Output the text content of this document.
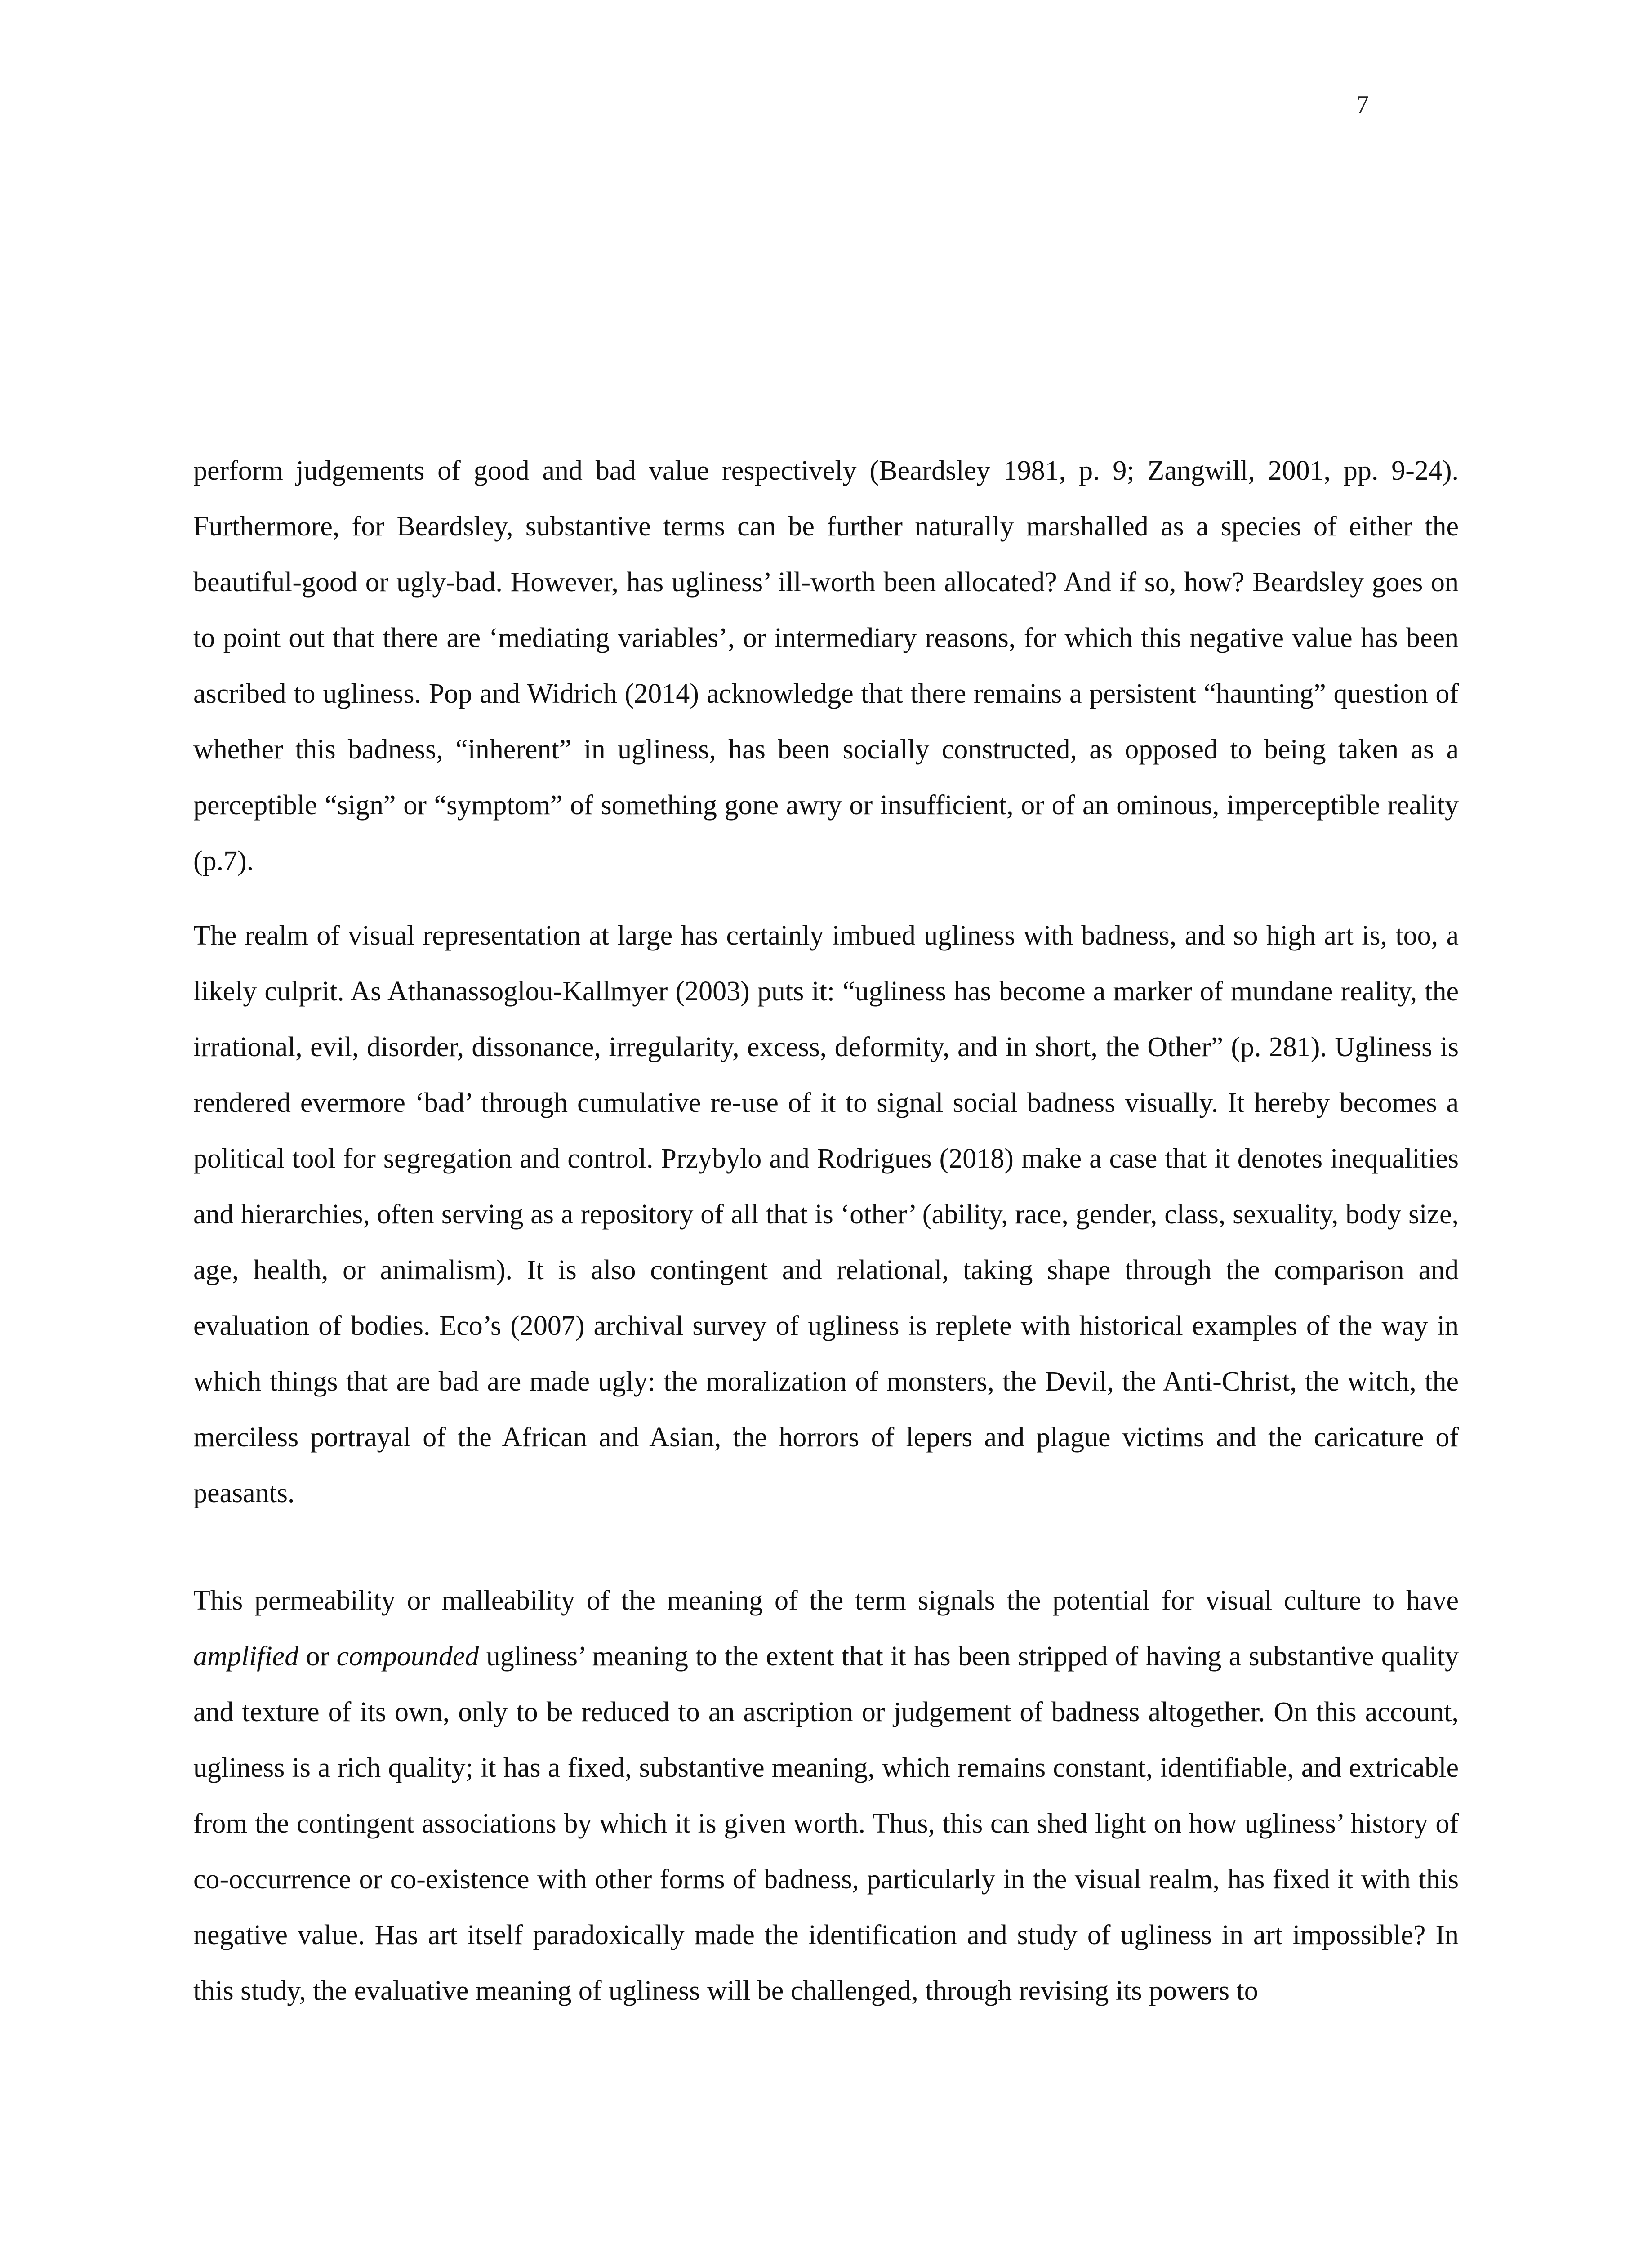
7

perform judgements of good and bad value respectively (Beardsley 1981, p. 9; Zangwill, 2001, pp. 9-24). Furthermore, for Beardsley, substantive terms can be further naturally marshalled as a species of either the beautiful-good or ugly-bad. However, has ugliness’ ill-worth been allocated? And if so, how? Beardsley goes on to point out that there are ‘mediating variables’, or intermediary reasons, for which this negative value has been ascribed to ugliness. Pop and Widrich (2014) acknowledge that there remains a persistent “haunting” question of whether this badness, “inherent” in ugliness, has been socially constructed, as opposed to being taken as a perceptible “sign” or “symptom” of something gone awry or insufficient, or of an ominous, imperceptible reality (p.7).

The realm of visual representation at large has certainly imbued ugliness with badness, and so high art is, too, a likely culprit. As Athanassoglou-Kallmyer (2003) puts it: “ugliness has become a marker of mundane reality, the irrational, evil, disorder, dissonance, irregularity, excess, deformity, and in short, the Other” (p. 281). Ugliness is rendered evermore ‘bad’ through cumulative re-use of it to signal social badness visually. It hereby becomes a political tool for segregation and control. Przybylo and Rodrigues (2018) make a case that it denotes inequalities and hierarchies, often serving as a repository of all that is ‘other’ (ability, race, gender, class, sexuality, body size, age, health, or animalism). It is also contingent and relational, taking shape through the comparison and evaluation of bodies. Eco’s (2007) archival survey of ugliness is replete with historical examples of the way in which things that are bad are made ugly: the moralization of monsters, the Devil, the Anti-Christ, the witch, the merciless portrayal of the African and Asian, the horrors of lepers and plague victims and the caricature of peasants.

This permeability or malleability of the meaning of the term signals the potential for visual culture to have amplified or compounded ugliness’ meaning to the extent that it has been stripped of having a substantive quality and texture of its own, only to be reduced to an ascription or judgement of badness altogether. On this account, ugliness is a rich quality; it has a fixed, substantive meaning, which remains constant, identifiable, and extricable from the contingent associations by which it is given worth. Thus, this can shed light on how ugliness’ history of co-occurrence or co-existence with other forms of badness, particularly in the visual realm, has fixed it with this negative value. Has art itself paradoxically made the identification and study of ugliness in art impossible? In this study, the evaluative meaning of ugliness will be challenged, through revising its powers to
